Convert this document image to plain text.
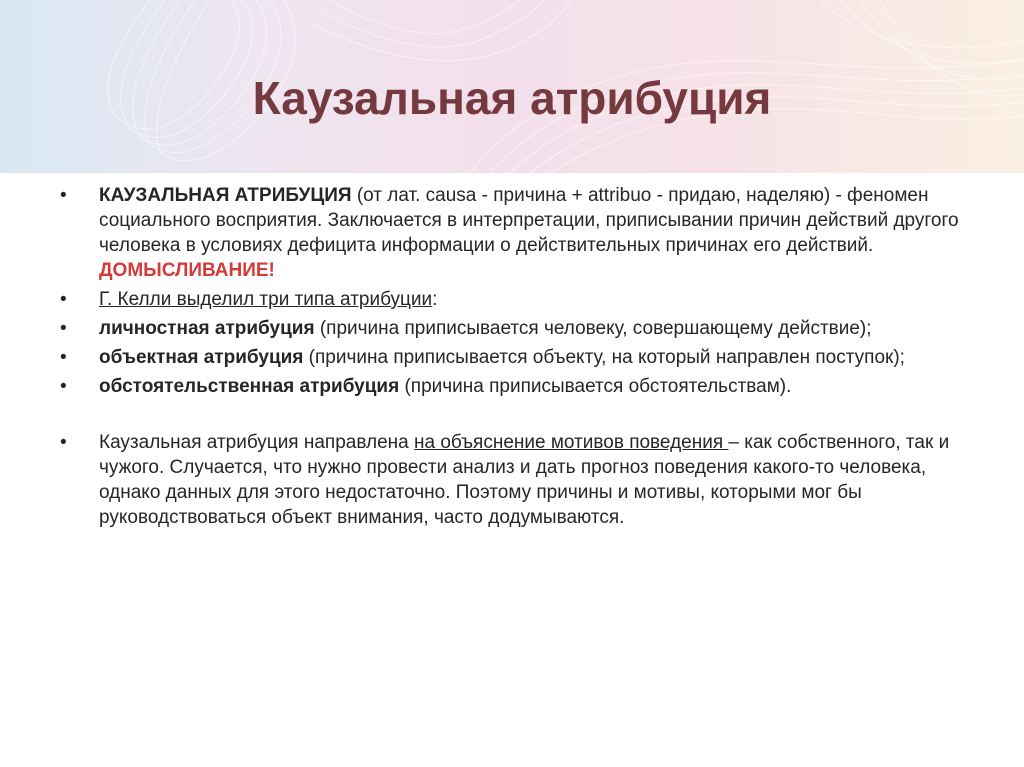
Каузальная атрибуция
• КАУЗАЛЬНАЯ АТРИБУЦИЯ (от лат. causa - причина + attribuo - придаю, наделяю) - феномен социального восприятия. Заключается в интерпретации, приписывании причин действий другого человека в условиях дефицита информации о действительных причинах его действий. ДОМЫСЛИВАНИЕ!
• Г. Келли выделил три типа атрибуции:
• личностная атрибуция (причина приписывается человеку, совершающему действие);
• объектная атрибуция (причина приписывается объекту, на который направлен поступок);
• обстоятельственная атрибуция (причина приписывается обстоятельствам).
• Каузальная атрибуция направлена на объяснение мотивов поведения – как собственного, так и чужого. Случается, что нужно провести анализ и дать прогноз поведения какого-то человека, однако данных для этого недостаточно. Поэтому причины и мотивы, которыми мог бы руководствоваться объект внимания, часто додумываются.
